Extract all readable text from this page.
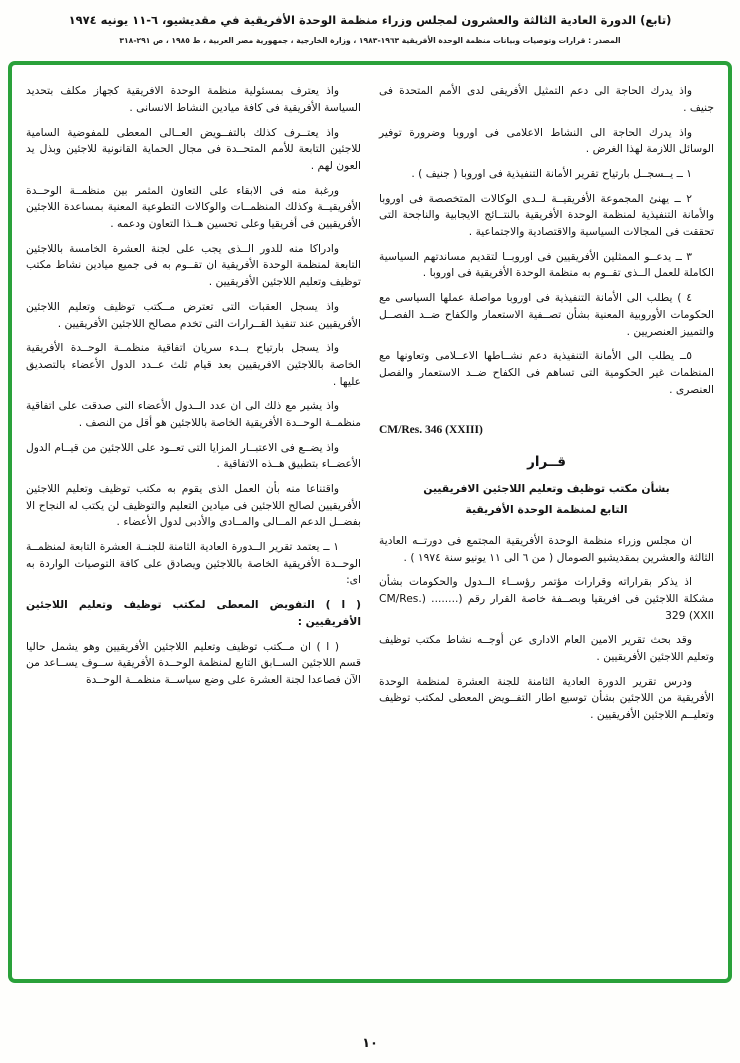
(تابع) الدورة العادية الثالثة والعشرون لمجلس وزراء منظمة الوحدة الأفريقية في مقديشيو، ٦-١١ يونيه ١٩٧٤
المصدر : قرارات وتوصيات وبيانات منظمة الوحدة الأفريقية ١٩٦٣-١٩٨٣ ، وزارة الخارجية ، جمهورية مصر العربية ، ط ١٩٨٥ ، ص ٢٩١-٣١٨

واذ يدرك الحاجة الى دعم التمثيل الأفريقى لدى الأمم المتحدة فى جنيف .

واذ يدرك الحاجة الى النشاط الاعلامى فى اوروبا وضرورة توفير الوسائل اللازمة لهذا الغرض .

١ ــ يــسجــل بارتياح تقرير الأمانة التنفيذية فى اوروبا ( جنيف ) .

٢ ــ يهنئ المجموعة الأفريقيــة لــدى الوكالات المتخصصة فى اوروبا والأمانة التنفيذية لمنظمة الوحدة الأفريقية بالنتــائج الايجابية والناجحة التى تحققت فى المجالات السياسية والاقتصادية والاجتماعية .

٣ ــ يدعــو الممثلين الأفريقيين فى اوروبــا لتقديم مساندتهم السياسية الكاملة للعمل الــذى تقــوم به منظمة الوحدة الأفريقية فى اوروبا .

٤ ) يطلب الى الأمانة التنفيذية فى اوروبا مواصلة عملها السياسى مع الحكومات الأوروبية المعنية بشأن تصــفية الاستعمار والكفاح ضــد الفصــل والتمييز العنصريين .

٥ــ يطلب الى الأمانة التنفيذية دعم نشــاطها الاعــلامى وتعاونها مع المنظمات غير الحكومية التى تساهم فى الكفاح ضــد الاستعمار والفصل العنصرى .

CM/Res. 346 (XXIII)
قــرار
بشأن مكتب توظيف وتعليم اللاجئين الافريقيين
التابع لمنظمة الوحدة الأفريقية

ان مجلس وزراء منظمة الوحدة الأفريقية المجتمع فى دورتــه العادية الثالثة والعشرين بمقديشيو الصومال ( من ٦ الى ١١ يونيو سنة ١٩٧٤ ) .

اذ يذكر بقراراته وقرارات مؤتمر رؤســاء الــدول والحكومات بشأن مشكلة اللاجئين فى افريقيا وبصــفة خاصة القرار رقم (........ (CM/Res. 329 (XXII

وقد بحث تقرير الامين العام الادارى عن أوجــه نشاط مكتب توظيف وتعليم اللاجئين الأفريقيين .

ودرس تقرير الدورة العادية الثامنة للجنة العشرة لمنظمة الوحدة الأفريقية من اللاجئين بشأن توسيع اطار التفــويض المعطى لمكتب توظيف وتعليــم اللاجئين الأفريقيين .

واذ يعترف بمسئولية منظمة الوحدة الافريقية كجهاز مكلف بتحديد السياسة الأفريقية فى كافة ميادين النشاط الانسانى .

واذ يعتــرف كذلك بالتفــويض العــالى المعطى للمفوضية السامية للاجئين التابعة للأمم المتحــدة فى مجال الحماية القانونية للاجئين وبذل يد العون لهم .

ورغبة منه فى الابقاء على التعاون المثمر بين منظمــة الوحــدة الأفريقيــة وكذلك المنظمــات والوكالات التطوعية المعنية بمساعدة اللاجئين الأفريقيين فى أفريقيا وعلى تحسين هــذا التعاون ودعمه .

وادراكا منه للدور الــذى يجب على لجنة العشرة الخامسة باللاجئين التابعة لمنظمة الوحدة الأفريقية ان تقــوم به فى جميع ميادين نشاط مكتب توظيف وتعليم اللاجئين الأفريقيين .

واذ يسجل العقبات التى تعترض مــكتب توظيف وتعليم اللاجئين الأفريقيين عند تنفيذ القــرارات التى تخدم مصالح اللاجئين الأفريقيين .

واذ يسجل بارتياح بــدء سريان اتفاقية منظمــة الوحــدة الأفريقية الخاصة باللاجئين الافريقيين بعد قيام ثلث عــدد الدول الأعضاء بالتصديق عليها .

واذ يشير مع ذلك الى ان عدد الــدول الأعضاء التى صدقت على اتفاقية منظمــة الوحــدة الأفريقية الخاصة باللاجئين هو أقل من النصف .

واذ يضــع فى الاعتبــار المزايا التى تعــود على اللاجئين من قيــام الدول الأعضــاء بتطبيق هــذه الاتفاقية .

واقتناعا منه بأن العمل الذى يقوم به مكتب توظيف وتعليم اللاجئين الأفريقيين لصالح اللاجئين فى ميادين التعليم والتوظيف لن يكتب له النجاح الا بفضــل الدعم المــالى والمــادى والأدبى لدول الأعضاء .

١ ــ يعتمد تقرير الــدورة العادية الثامنة للجنــة العشرة التابعة لمنظمــة الوحــدة الأفريقية الخاصة باللاجئين ويصادق على كافة التوصيات الواردة به اى:

( ا ) التفويض المعطى لمكتب توظيف وتعليم اللاجئين الأفريقيين :

( ا ) ان مــكتب توظيف وتعليم اللاجئين الأفريقيين وهو يشمل حاليا قسم اللاجئين الســابق التابع لمنظمة الوحــدة الأفريقية ســوف يســاعد من الآن فصاعدا لجنة العشرة على وضع سياســة منظمــة الوحــدة

١٠
